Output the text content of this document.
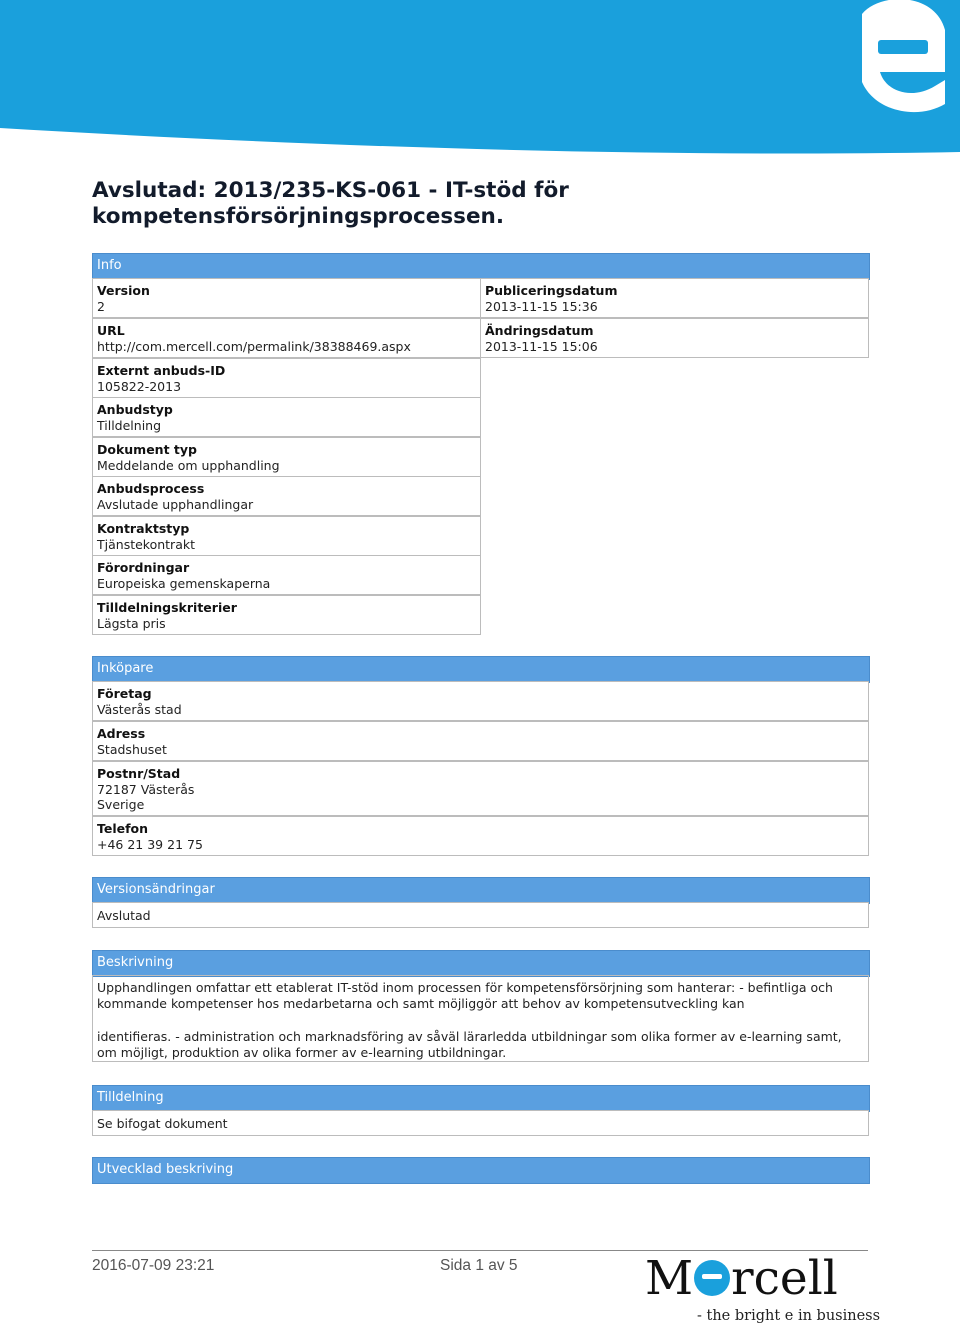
Avslutad: 2013/235-KS-061 - IT-stöd för kompetensförsörjningsprocessen.
Info
Version
2
URL
http://com.mercell.com/permalink/38388469.aspx
Externt anbuds-ID
105822-2013
Anbudstyp
Tilldelning
Dokument typ
Meddelande om upphandling
Anbudsprocess
Avslutade upphandlingar
Kontraktstyp
Tjänstekontrakt
Förordningar
Europeiska gemenskaperna
Tilldelningskriterier
Lägsta pris
Publiceringsdatum
2013-11-15 15:36
Ändringsdatum
2013-11-15 15:06
Inköpare
Företag
Västerås stad
Adress
Stadshuset
Postnr/Stad
72187 Västerås
Sverige
Telefon
+46 21 39 21 75
Versionsändringar
Avslutad
Beskrivning

Upphandlingen omfattar ett etablerat IT-stöd inom processen för kompetensförsörjning som hanterar: - befintliga och kommande kompetenser hos medarbetarna och samt möjliggör att behov av kompetensutveckling kan

identifieras. - administration och marknadsföring av såväl lärarledda utbildningar som olika former av e-learning samt, om möjligt, produktion av olika former av e-learning utbildningar.

Tilldelning
Se bifogat dokument
Utvecklad beskriving
2016-07-09 23:21	Sida 1 av 5	M rcell
- the bright e in business
